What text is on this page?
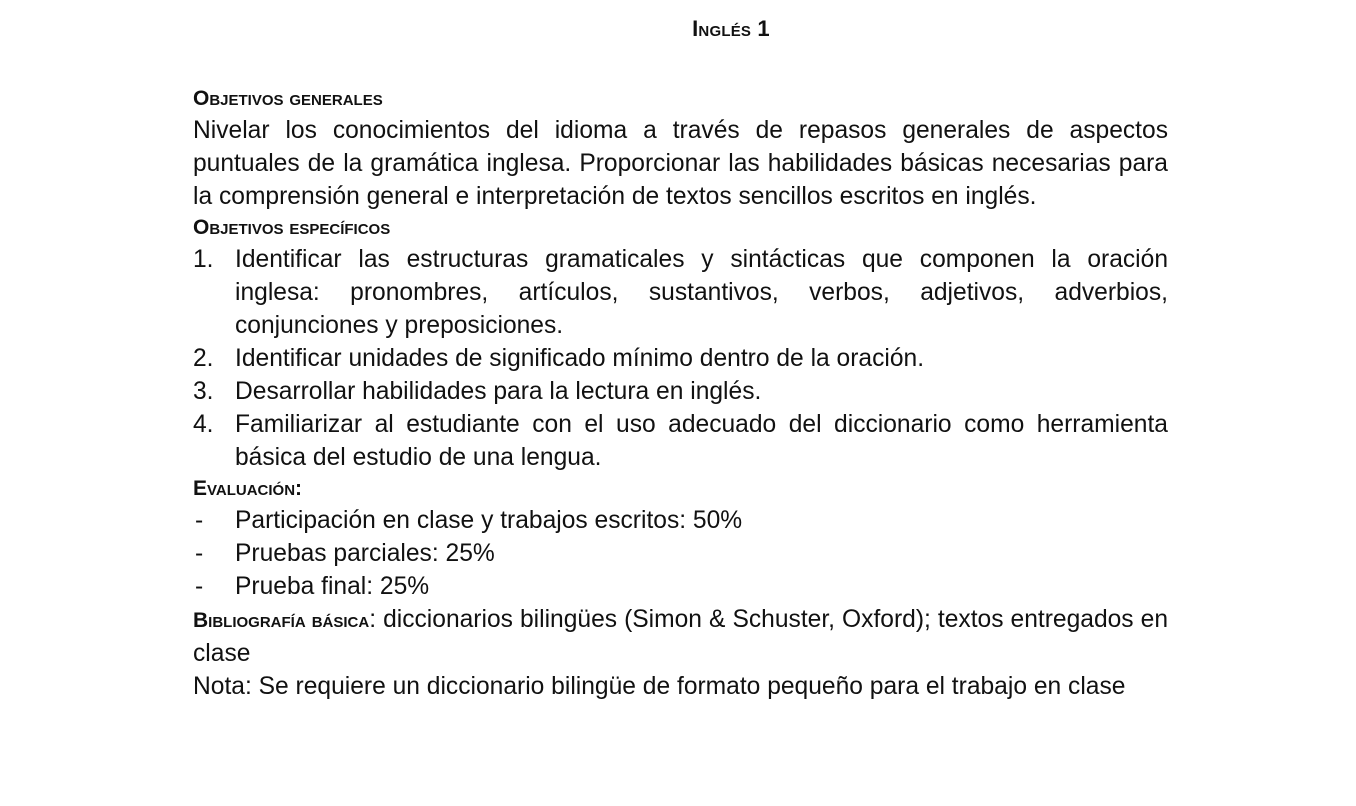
Inglés 1
Objetivos generales
Nivelar los conocimientos del idioma a través de repasos generales de aspectos puntuales de la gramática inglesa. Proporcionar las habilidades básicas necesarias para la comprensión general e interpretación de textos sencillos escritos en inglés.
Objetivos específicos
1. Identificar las estructuras gramaticales y sintácticas que componen la oración inglesa: pronombres, artículos, sustantivos, verbos, adjetivos, adverbios, conjunciones y preposiciones.
2. Identificar unidades de significado mínimo dentro de la oración.
3. Desarrollar habilidades para la lectura en inglés.
4. Familiarizar al estudiante con el uso adecuado del diccionario como herramienta básica del estudio de una lengua.
Evaluación:
- Participación en clase y trabajos escritos: 50%
- Pruebas parciales: 25%
- Prueba final: 25%
Bibliografía básica: diccionarios bilingües (Simon & Schuster, Oxford); textos entregados en clase
Nota: Se requiere un diccionario bilingüe de formato pequeño para el trabajo en clase
